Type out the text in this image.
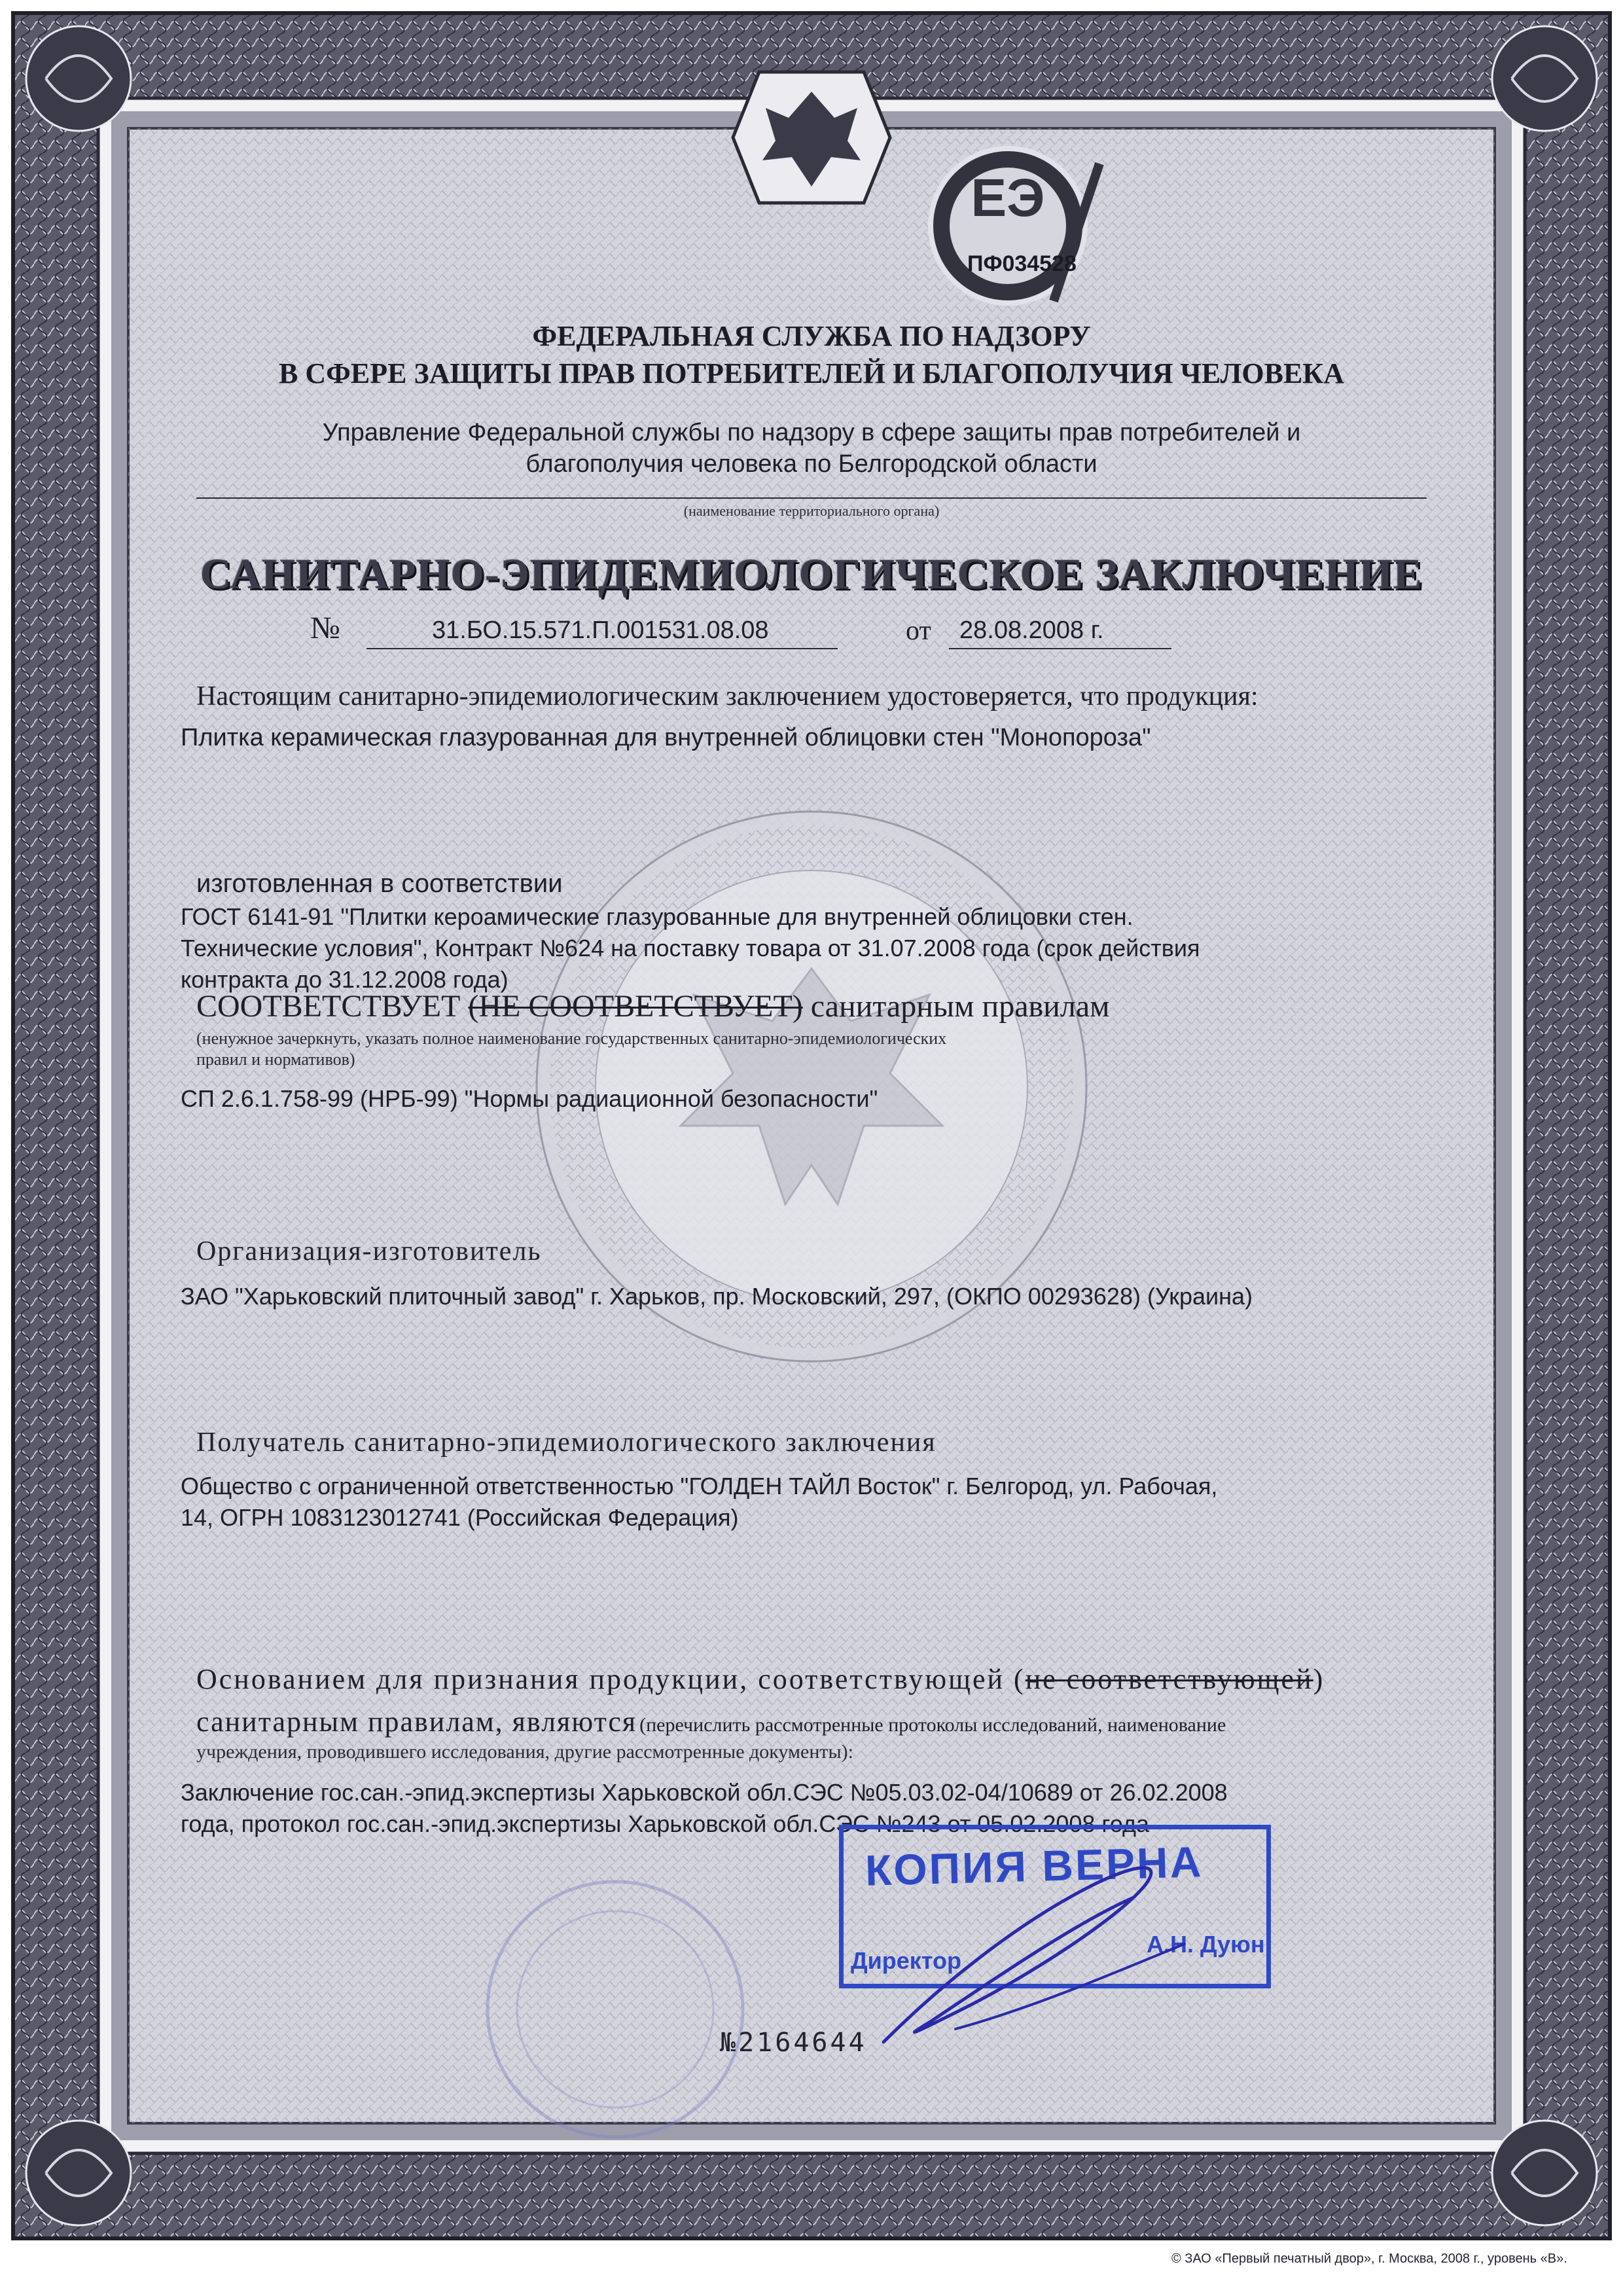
ЕЭ
ПФ034528
ФЕДЕРАЛЬНАЯ СЛУЖБА ПО НАДЗОРУ
В СФЕРЕ ЗАЩИТЫ ПРАВ ПОТРЕБИТЕЛЕЙ И БЛАГОПОЛУЧИЯ ЧЕЛОВЕКА
Управление Федеральной службы по надзору в сфере защиты прав потребителей и
благополучия человека по Белгородской области
(наименование территориального органа)
САНИТАРНО-ЭПИДЕМИОЛОГИЧЕСКОЕ ЗАКЛЮЧЕНИЕ
№	31.БО.15.571.П.001531.08.08	от 28.08.2008 г.
Настоящим санитарно-эпидемиологическим заключением удостоверяется, что продукция:
Плитка керамическая глазурованная для внутренней облицовки стен "Монопороза"
изготовленная в соответствии
ГОСТ 6141-91 "Плитки кероамические глазурованные для внутренней облицовки стен.
Технические условия", Контракт №624 на поставку товара от 31.07.2008 года (срок действия
контракта до 31.12.2008 года)
СООТВЕТСТВУЕТ (НЕ СООТВЕТСТВУЕТ) санитарным правилам
(ненужное зачеркнуть, указать полное наименование государственных санитарно-эпидемиологических
правил и нормативов)
СП 2.6.1.758-99 (НРБ-99) "Нормы радиационной безопасности"
Организация-изготовитель
ЗАО "Харьковский плиточный завод" г. Харьков, пр. Московский, 297, (ОКПО 00293628) (Украина)
Получатель санитарно-эпидемиологического заключения
Общество с ограниченной ответственностью "ГОЛДЕН ТАЙЛ Восток" г. Белгород, ул. Рабочая,
14, ОГРН 1083123012741 (Российская Федерация)
Основанием для признания продукции, соответствующей (не соответствующей)
санитарным правилам, являются (перечислить рассмотренные протоколы исследований, наименование
учреждения, проводившего исследования, другие рассмотренные документы):
Заключение гос.сан.-эпид.экспертизы Харьковской обл.СЭС №05.03.02-04/10689 от 26.02.2008
года, протокол гос.сан.-эпид.экспертизы Харьковской обл.СЭС №243 от 05.02.2008 года
КОПИЯ ВЕРНА
Директор
А.Н. Дуюн
№2164644
© ЗАО «Первый печатный двор», г. Москва, 2008 г., уровень «В».
